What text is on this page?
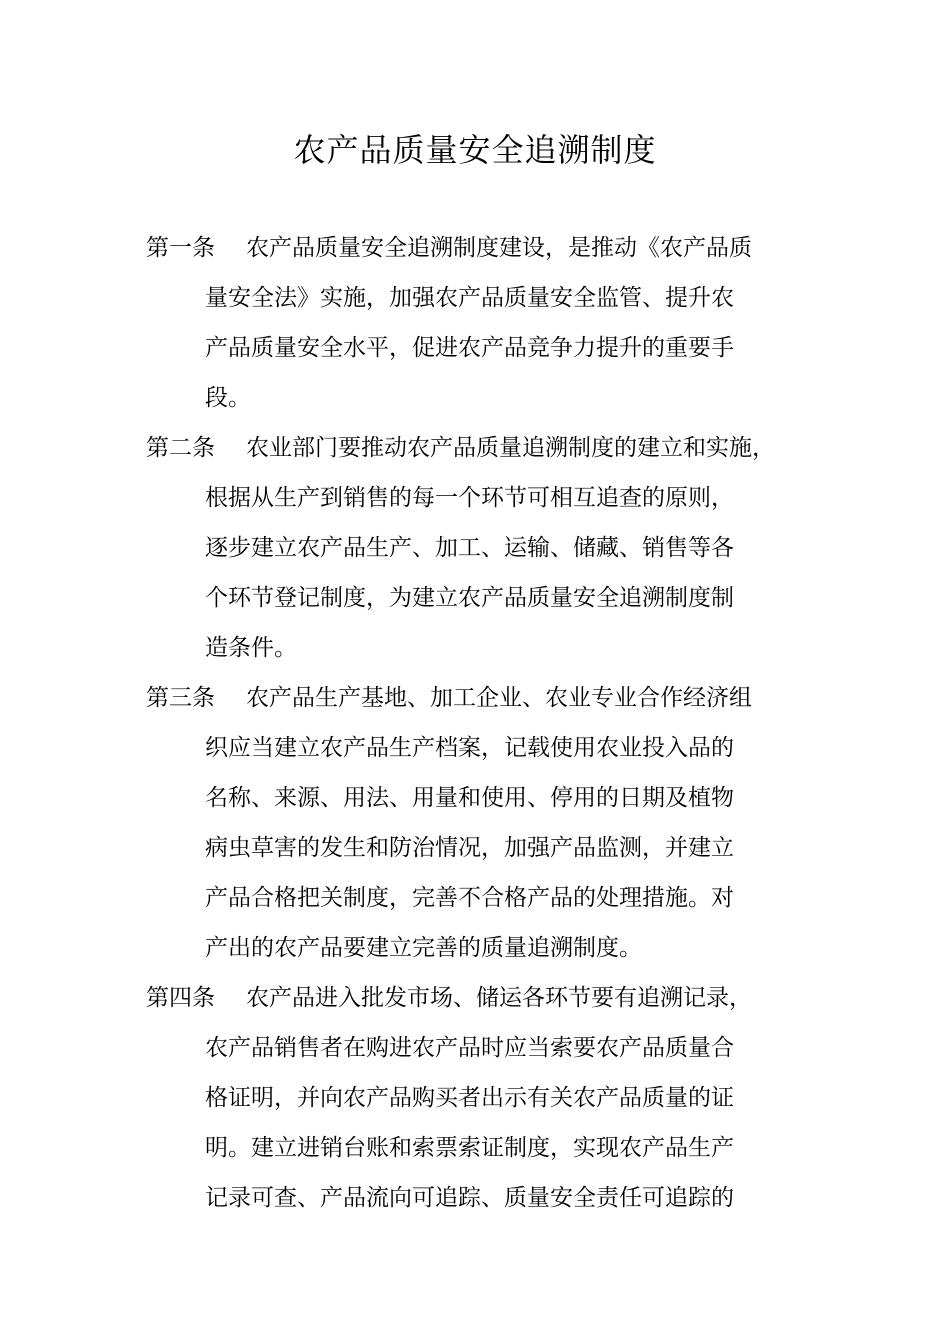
农产品质量安全追溯制度
第一条	农产品质量安全追溯制度建设，是推动《农产品质
量安全法》实施，加强农产品质量安全监管、提升农
产品质量安全水平，促进农产品竞争力提升的重要手
段。
第二条	农业部门要推动农产品质量追溯制度的建立和实施，
根据从生产到销售的每一个环节可相互追查的原则，
逐步建立农产品生产、加工、运输、储藏、销售等各
个环节登记制度，为建立农产品质量安全追溯制度制
造条件。
第三条	农产品生产基地、加工企业、农业专业合作经济组
织应当建立农产品生产档案，记载使用农业投入品的
名称、来源、用法、用量和使用、停用的日期及植物
病虫草害的发生和防治情况，加强产品监测，并建立
产品合格把关制度，完善不合格产品的处理措施。对
产出的农产品要建立完善的质量追溯制度。
第四条	农产品进入批发市场、储运各环节要有追溯记录，
农产品销售者在购进农产品时应当索要农产品质量合
格证明，并向农产品购买者出示有关农产品质量的证
明。建立进销台账和索票索证制度，实现农产品生产
记录可查、产品流向可追踪、质量安全责任可追踪的
